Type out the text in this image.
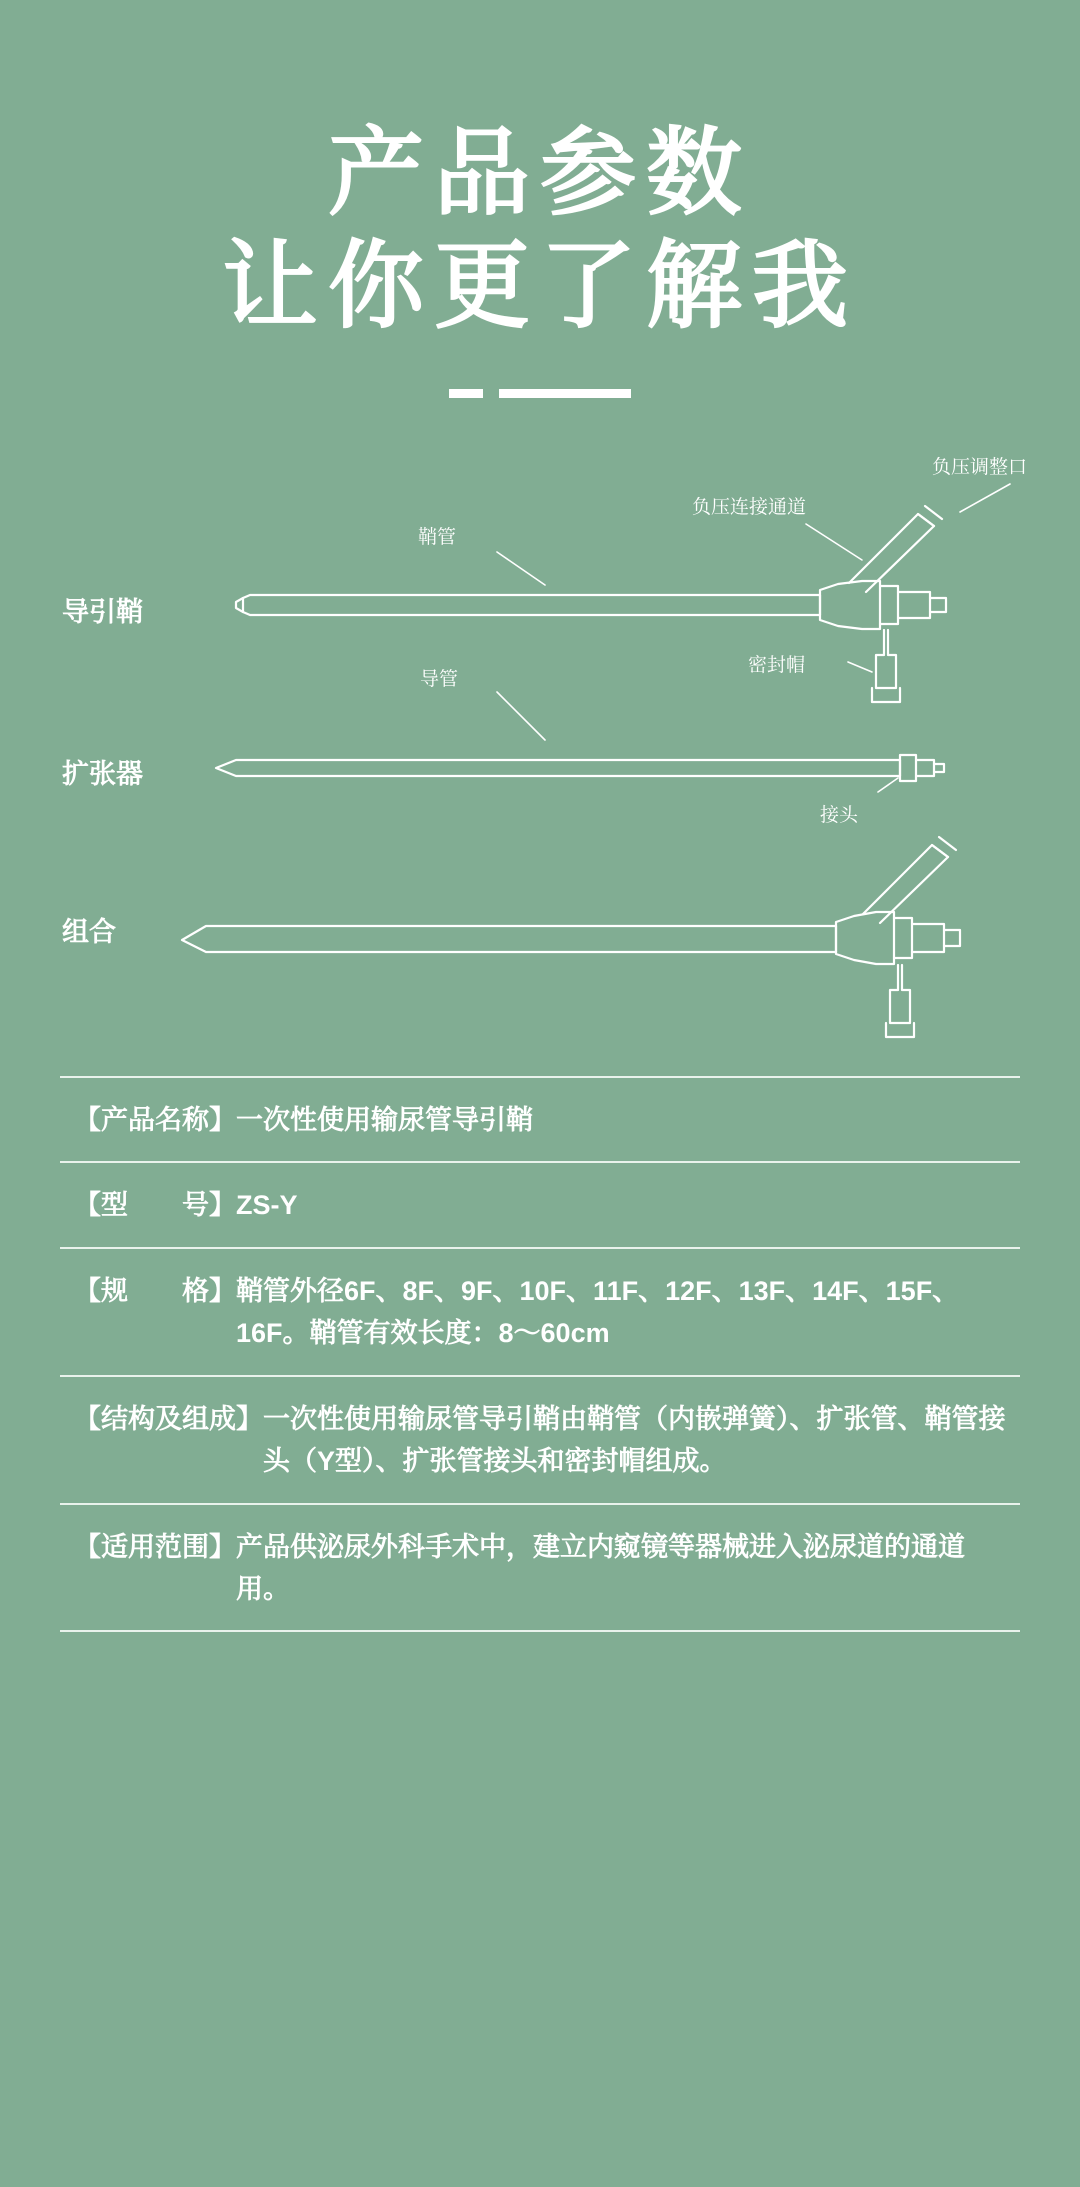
产品参数
让你更了解我
导引鞘
扩张器
组合
负压调整口
负压连接通道
鞘管
密封帽
导管
接头
【产品名称】 一次性使用输尿管导引鞘
【型　　号】 ZS-Y
【规　　格】 鞘管外径6F、8F、9F、10F、11F、12F、13F、14F、15F、16F。鞘管有效长度：8～60cm
【结构及组成】 一次性使用输尿管导引鞘由鞘管（内嵌弹簧）、扩张管、鞘管接头（Y型）、扩张管接头和密封帽组成。
【适用范围】 产品供泌尿外科手术中，建立内窥镜等器械进入泌尿道的通道用。
